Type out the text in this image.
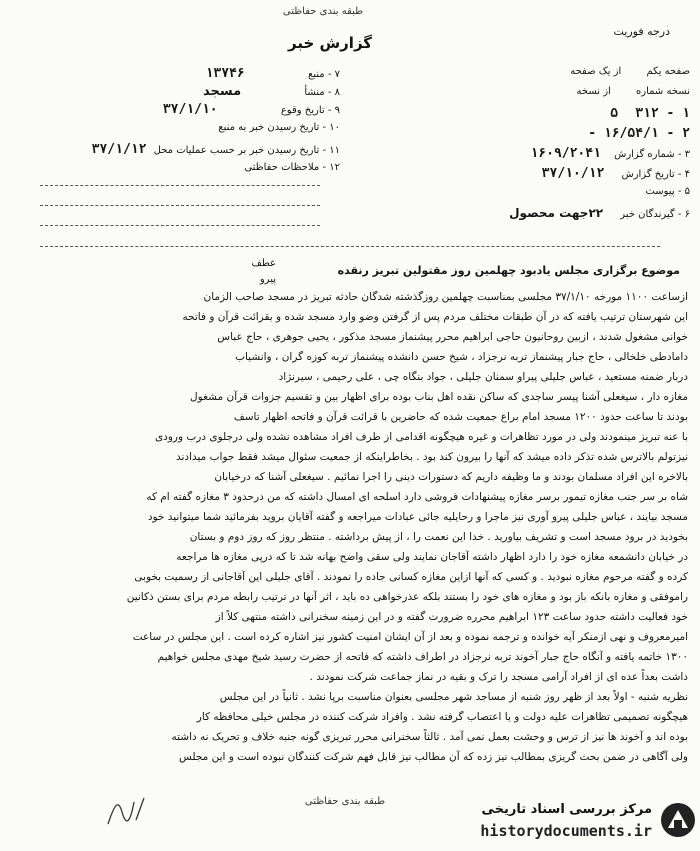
طبقه بندی حفاظتی
گزارش خبر
درجه فوریت
صفحه یکم از یک صفحه
نسخه شماره از نسخه
۱ - ۳۱۲ ۵
۲ - ۱۶/۵۴/۱ -
۳ - شماره گزارش ۱۶۰۹/۲۰۴۱
۴ - تاریخ گزارش ۳۷/۱۰/۱۲
۵ - پیوست
۶ - گیرندگان خبر ۲۲جهت محصول
۷ - منبع ۱۳۷۴۶
۸ - منشأ مسجد
۹ - تاریخ وقوع ۳۷/۱/۱۰
۱۰ - تاریخ رسیدن خبر به منبع
۱۱ - تاریخ رسیدن خبر بر حسب عملیات محل ۳۷/۱/۱۲
۱۲ - ملاحظات حفاظتی
عطف
پیرو
موضوع برگزاری مجلس یادبود چهلمین روز مقتولین تبریز رنقده
ازساعت ۱۱۰۰ مورخه ۳۷/۱/۱۰ مجلسی بمناسبت چهلمین روزگذشته شدگان حادثه تبریز در مسجد صاحب الزمان
این شهرستان ترتیب یافته که در آن طبقات مختلف مردم پس از گرفتن وضو وارد مسجد شده و بقرائت قرآن و فاتحه
خوانی مشغول شدند ، ازبین روحانیون حاجی ابراهیم محرر پیشنماز مسجد مذکور ، یحیی جوهری ، حاج عباس
دامادطی خلخالی ، حاج جبار پیشنماز تربه نرجزاد ، شیخ حسن دانشده پیشنماز تربه کوزه گران ، وانشیاب
دربار ضمنه مستعید ، عباس جلیلی پیراو سمنان جلیلی ، جواد بنگاه چی ، علی رحیمی ، سیرنژاد
مغازه دار ، سیغعلی آشنا پیسر ساجدی که ساکن نقده اهل بناب بوده برای اظهار بین و تقسیم جزوات قرآن مشغول
بودند تا ساعت حدود ۱۲۰۰ مسجد امام براع جمعیت شده که حاضرین با قرائت قرآن و فاتحه اظهار تاسف
با عنه تبریز مینمودند ولی در مورد تظاهرات و غیره هیچگونه اقدامی از طرف افراد مشاهده نشده ولی درجلوی درب ورودی
نیزتولم بالاترس شده تذکر داده میشد که آنها را بیرون کند بود . بخاطراینکه از جمعیت سئوال میشد فقط جواب میدادند
بالاخره این افراد مسلمان بودند و ما وظیفه داریم که دستورات دینی را اجرا نمائیم . سیغعلی آشنا که درخیابان
شاه بر سر جنب مغازه تیمور برسر مغازه پیشنهادات فروشی دارد اسلحه ای امسال داشته که من درحدود ۳ مغازه گفته ام که
مسجد بیایند ، عباس جلیلی پیرو آوری نیز ماجرا و رحایلیه جائی عبادات میراجعه و گفته آقایان بروید بفرمائید شما میتوانید خود
بخودید در برود مسجد است و تشریف بیاورید . خدا این نعمت را ، از پیش برداشته . منتظر روز که روز دوم و بستان
در خیابان دانشمعه مغازه خود را دارد اظهار داشته آقاجان نمایند ولی سقی واضح بهانه شد تا که درپی مغازه ها مراجعه
کرده و گفته مرحوم مغازه نبودید . و کسی که آنها ازاین مغازه کسانی جاده را نمودند . آقای جلیلی این آقاجانی از رسمیت بخوبی
راموفقی و مغازه بانکه باز بود و مغازه های خود را بستند بلکه عذرخواهی ده باید ، اثر آنها در ترتیب رابطه مردم برای بستن ذکانین
خود فعالیت داشته حدود ساعت ۱۲۳ ابراهیم محرره ضرورت گفته و در این زمینه سخنرانی داشته منتهی کلاً از
امیرمعروف و نهی ازمنکر آیه خوانده و ترجمه نموده و بعد از آن ایشان امنیت کشور نیز اشاره کرده است . این مجلس در ساعت
۱۳۰۰ خاتمه یافته و آنگاه حاج جبار آخوند تربه نرجزاد در اطراف داشته که فاتحه از حضرت رسید شیخ مهدی مجلس خواهیم
داشت بعداً عده ای از افراد آرامی مسجد را ترک و بقیه در نماز جماعت شرکت نمودند .
نظریه شنبه - اولاً بعد از ظهر روز شنبه از مساجد شهر مجلسی بعنوان مناسبت برپا نشد . ثانیاً در این مجلس
هیچگونه تصمیمی تظاهرات علیه دولت و یا اعتصاب گرفته نشد . وافراد شرکت کننده در مجلس خیلی محافظه کار
بوده اند و آخوند ها نیز از ترس و وحشت بعمل نمی آمد . ثالثاً سخنرانی محرر تبریزی گونه جنبه خلاف و تحریک نه داشته
ولی آگاهی در ضمن بحث گریزی بمطالب نیز زده که آن مطالب نیز قابل فهم شرکت کنندگان نبوده است و این مجلس
طبقه بندی حفاظتی
مرکز بررسی اسناد تاریخی
historydocuments.ir
